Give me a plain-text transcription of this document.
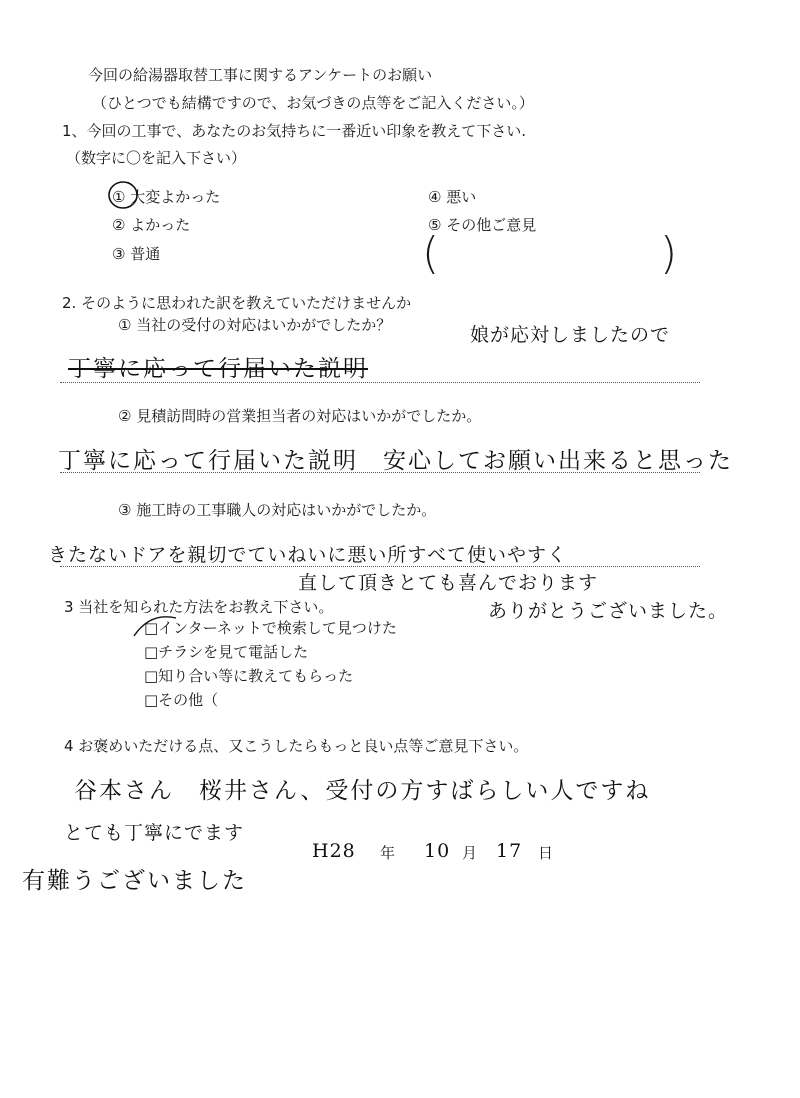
今回の給湯器取替工事に関するアンケートのお願い
（ひとつでも結構ですので、お気づきの点等をご記入ください。）
1、今回の工事で、あなたのお気持ちに一番近い印象を教えて下さい.
（数字に〇を記入下さい）
① 大変よかった
② よかった
③ 普通
④ 悪い
⑤ その他ご意見
(	)
2. そのように思われた訳を教えていただけませんか
① 当社の受付の対応はいかがでしたか？	娘が応対しましたので
丁寧に応って行届いた説明
② 見積訪問時の営業担当者の対応はいかがでしたか。
丁寧に応って行届いた説明　安心してお願い出来ると思った
③ 施工時の工事職人の対応はいかがでしたか。
きたないドアを親切でていねいに悪い所すべて使いやすく
直して頂きとても喜んでおります
ありがとうございました。
3 当社を知られた方法をお教え下さい。
□インターネットで検索して見つけた
□チラシを見て電話した
□知り合い等に教えてもらった
□その他（
4 お褒めいただける点、又こうしたらもっと良い点等ご意見下さい。
谷本さん　桜井さん、受付の方すばらしい人ですね
とても丁寧にでます
有難うございました
H28 年 10 月 17 日
